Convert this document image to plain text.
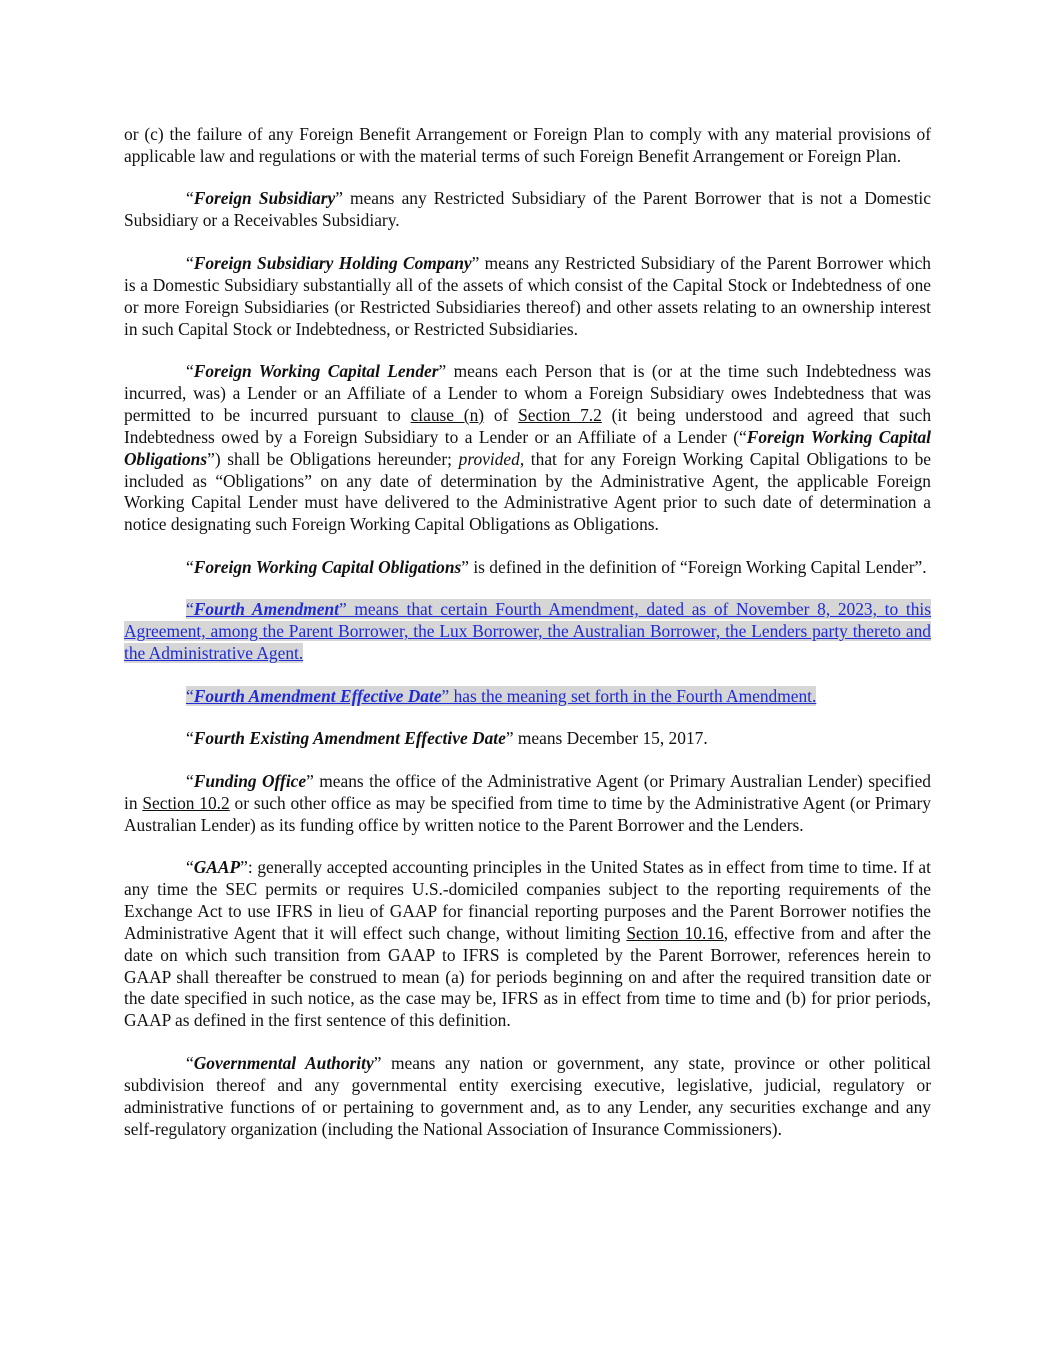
or (c) the failure of any Foreign Benefit Arrangement or Foreign Plan to comply with any material provisions of applicable law and regulations or with the material terms of such Foreign Benefit Arrangement or Foreign Plan.

“Foreign Subsidiary” means any Restricted Subsidiary of the Parent Borrower that is not a Domestic Subsidiary or a Receivables Subsidiary.

“Foreign Subsidiary Holding Company” means any Restricted Subsidiary of the Parent Borrower which is a Domestic Subsidiary substantially all of the assets of which consist of the Capital Stock or Indebtedness of one or more Foreign Subsidiaries (or Restricted Subsidiaries thereof) and other assets relating to an ownership interest in such Capital Stock or Indebtedness, or Restricted Subsidiaries.

“Foreign Working Capital Lender” means each Person that is (or at the time such Indebtedness was incurred, was) a Lender or an Affiliate of a Lender to whom a Foreign Subsidiary owes Indebtedness that was permitted to be incurred pursuant to clause (n) of Section 7.2 (it being understood and agreed that such Indebtedness owed by a Foreign Subsidiary to a Lender or an Affiliate of a Lender (“Foreign Working Capital Obligations”) shall be Obligations hereunder; provided, that for any Foreign Working Capital Obligations to be included as “Obligations” on any date of determination by the Administrative Agent, the applicable Foreign Working Capital Lender must have delivered to the Administrative Agent prior to such date of determination a notice designating such Foreign Working Capital Obligations as Obligations.

“Foreign Working Capital Obligations” is defined in the definition of “Foreign Working Capital Lender”.

“Fourth Amendment” means that certain Fourth Amendment, dated as of November 8, 2023, to this Agreement, among the Parent Borrower, the Lux Borrower, the Australian Borrower, the Lenders party thereto and the Administrative Agent.

“Fourth Amendment Effective Date” has the meaning set forth in the Fourth Amendment.

“Fourth Existing Amendment Effective Date” means December 15, 2017.

“Funding Office” means the office of the Administrative Agent (or Primary Australian Lender) specified in Section 10.2 or such other office as may be specified from time to time by the Administrative Agent (or Primary Australian Lender) as its funding office by written notice to the Parent Borrower and the Lenders.

“GAAP”: generally accepted accounting principles in the United States as in effect from time to time. If at any time the SEC permits or requires U.S.-domiciled companies subject to the reporting requirements of the Exchange Act to use IFRS in lieu of GAAP for financial reporting purposes and the Parent Borrower notifies the Administrative Agent that it will effect such change, without limiting Section 10.16, effective from and after the date on which such transition from GAAP to IFRS is completed by the Parent Borrower, references herein to GAAP shall thereafter be construed to mean (a) for periods beginning on and after the required transition date or the date specified in such notice, as the case may be, IFRS as in effect from time to time and (b) for prior periods, GAAP as defined in the first sentence of this definition.

“Governmental Authority” means any nation or government, any state, province or other political subdivision thereof and any governmental entity exercising executive, legislative, judicial, regulatory or administrative functions of or pertaining to government and, as to any Lender, any securities exchange and any self-regulatory organization (including the National Association of Insurance Commissioners).
